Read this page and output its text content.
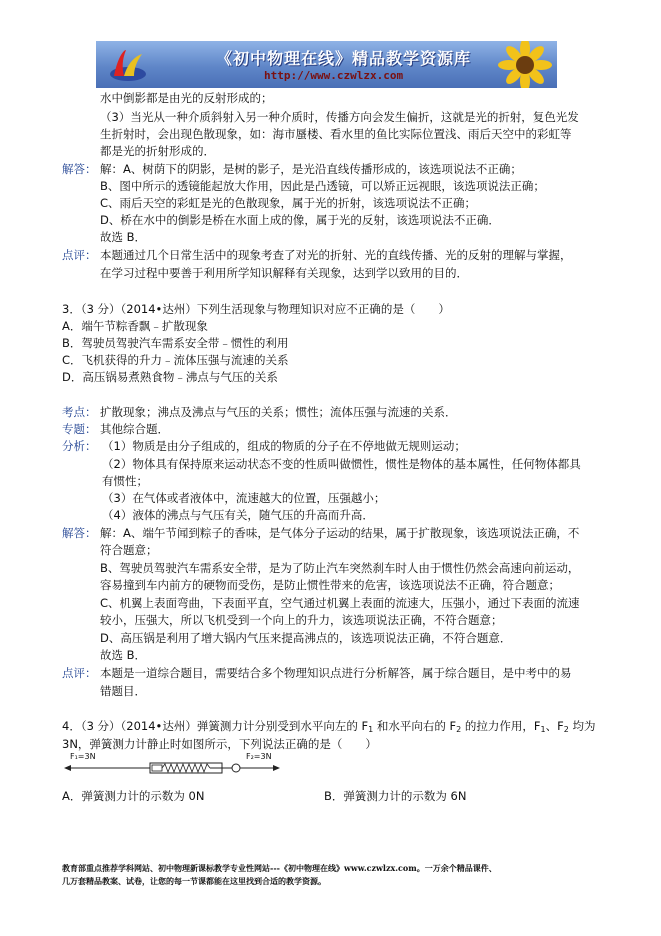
《初中物理在线》精品教学资源库
http://www.czwlzx.com
水中倒影都是由光的反射形成的；
（3）当光从一种介质斜射入另一种介质时，传播方向会发生偏折，这就是光的折射，复色光发
生折射时，会出现色散现象，如：海市蜃楼、看水里的鱼比实际位置浅、雨后天空中的彩虹等
都是光的折射形成的．
解答： 解：A、树荫下的阴影，是树的影子，是光沿直线传播形成的，该选项说法不正确；
B、图中所示的透镜能起放大作用，因此是凸透镜，可以矫正远视眼，该选项说法正确；
C、雨后天空的彩虹是光的色散现象，属于光的折射，该选项说法不正确；
D、桥在水中的倒影是桥在水面上成的像，属于光的反射，该选项说法不正确．
故选 B．
点评： 本题通过几个日常生活中的现象考查了对光的折射、光的直线传播、光的反射的理解与掌握，
在学习过程中要善于利用所学知识解释有关现象，达到学以致用的目的．
3．（3 分）（2014•达州）下列生活现象与物理知识对应不正确的是（　　）
A．端午节粽香飘﹣扩散现象
B．驾驶员驾驶汽车需系安全带﹣惯性的利用
C．飞机获得的升力﹣流体压强与流速的关系
D．高压锅易煮熟食物﹣沸点与气压的关系
考点： 扩散现象；沸点及沸点与气压的关系；惯性；流体压强与流速的关系．
专题： 其他综合题．
分析： （1）物质是由分子组成的，组成的物质的分子在不停地做无规则运动；
（2）物体具有保持原来运动状态不变的性质叫做惯性，惯性是物体的基本属性，任何物体都具
有惯性；
（3）在气体或者液体中，流速越大的位置，压强越小；
（4）液体的沸点与气压有关，随气压的升高而升高．
解答： 解：A、端午节闻到粽子的香味，是气体分子运动的结果，属于扩散现象，该选项说法正确，不
符合题意；
B、驾驶员驾驶汽车需系安全带，是为了防止汽车突然刹车时人由于惯性仍然会高速向前运动，
容易撞到车内前方的硬物而受伤，是防止惯性带来的危害，该选项说法不正确，符合题意；
C、机翼上表面弯曲，下表面平直，空气通过机翼上表面的流速大，压强小，通过下表面的流速
较小，压强大，所以飞机受到一个向上的升力，该选项说法正确，不符合题意；
D、高压锅是利用了增大锅内气压来提高沸点的，该选项说法正确，不符合题意．
故选 B．
点评： 本题是一道综合题目，需要结合多个物理知识点进行分析解答，属于综合题目，是中考中的易
错题目．
4．（3 分）（2014•达州）弹簧测力计分别受到水平向左的 $F_1$ 和水平向右的 $F_2$ 的拉力作用，$F_1$、$F_2$ 均为
3N，弹簧测力计静止时如图所示，下列说法正确的是（　　）
F₁=3N	F₂=3N
A．弹簧测力计的示数为 0N	B．弹簧测力计的示数为 6N
教育部重点推荐学科网站、初中物理新课标教学专业性网站---《初中物理在线》www.czwlzx.com。一万余个精品课件、
几万套精品教案、试卷，让您的每一节课都能在这里找到合适的教学资源。
